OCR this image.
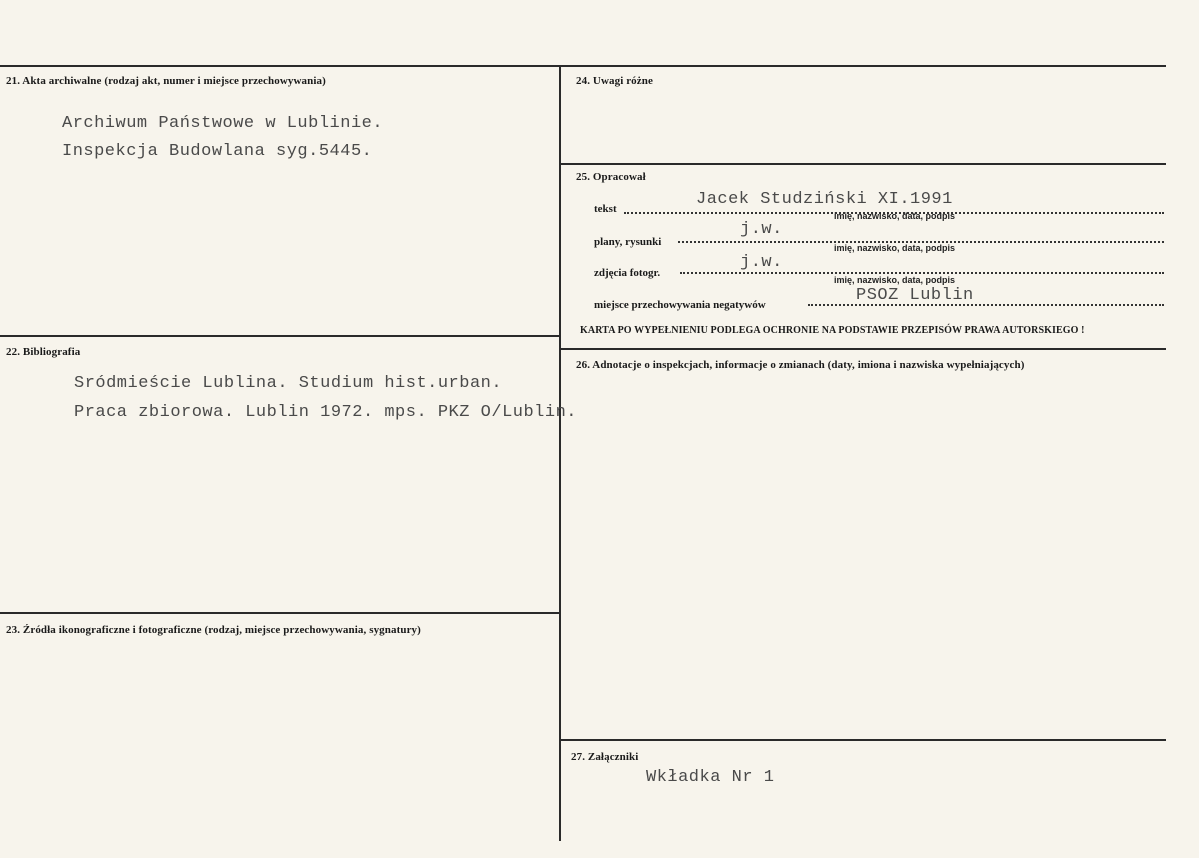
21. Akta archiwalne (rodzaj akt, numer i miejsce przechowywania)
Archiwum Państwowe w Lublinie.
Inspekcja Budowlana syg.5445.
22. Bibliografia
Sródmieście Lublina. Studium hist.urban.
Praca zbiorowa. Lublin 1972. mps. PKZ O/Lublin.
23. Źródła ikonograficzne i fotograficzne (rodzaj, miejsce przechowywania, sygnatury)
24. Uwagi różne
25. Opracował
tekst	Jacek Studziński XI.1991
imię, nazwisko, data, podpis
plany, rysunki
j.w.
imię, nazwisko, data, podpis
zdjęcia fotogr.
j.w.
imię, nazwisko, data, podpis
miejsce przechowywania negatywów	PSOZ Lublin
KARTA PO WYPEŁNIENIU PODLEGA OCHRONIE NA PODSTAWIE PRZEPISÓW PRAWA AUTORSKIEGO !
26. Adnotacje o inspekcjach, informacje o zmianach (daty, imiona i nazwiska wypełniających)
27. Załączniki
Wkładka Nr 1
